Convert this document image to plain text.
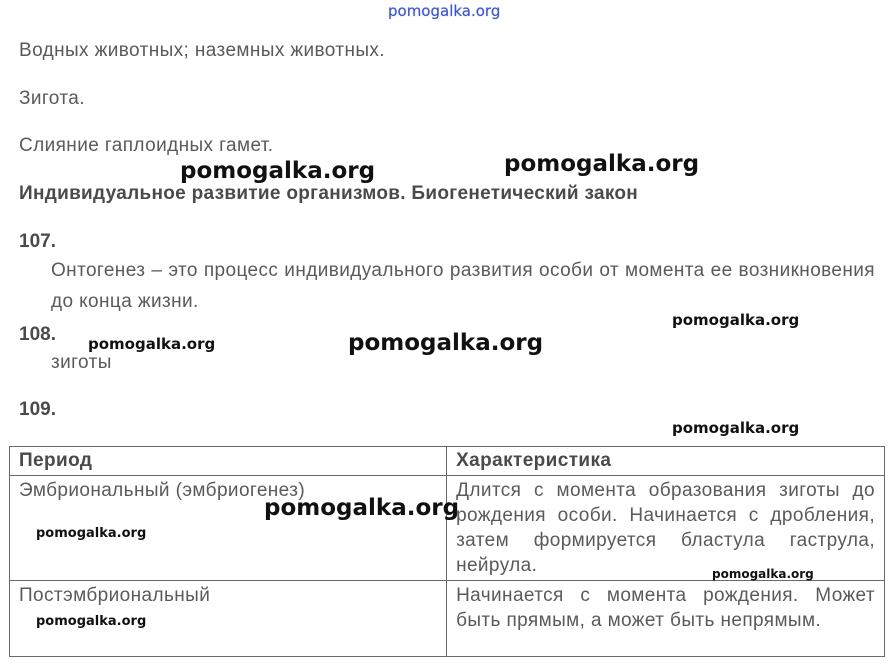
pomogalka.org
Водных животных; наземных животных.
Зигота.
Слияние гаплоидных гамет.
Индивидуальное развитие организмов. Биогенетический закон
107.
Онтогенез – это процесс индивидуального развития особи от момента ее возникновения до конца жизни.
108.
зиготы
109.
Период	Характеристика
Эмбриональный (эмбриогенез)	Длится с момента образования зиготы до рождения особи. Начинается с дробления, затем формируется бластула гаструла, нейрула.
Постэмбриональный	Начинается с момента рождения. Может быть прямым, а может быть непрямым.
pomogalka.org	pomogalka.org
pomogalka.org	pomogalka.org
pomogalka.org
pomogalka.org
pomogalka.org
pomogalka.org
pomogalka.org
pomogalka.org
